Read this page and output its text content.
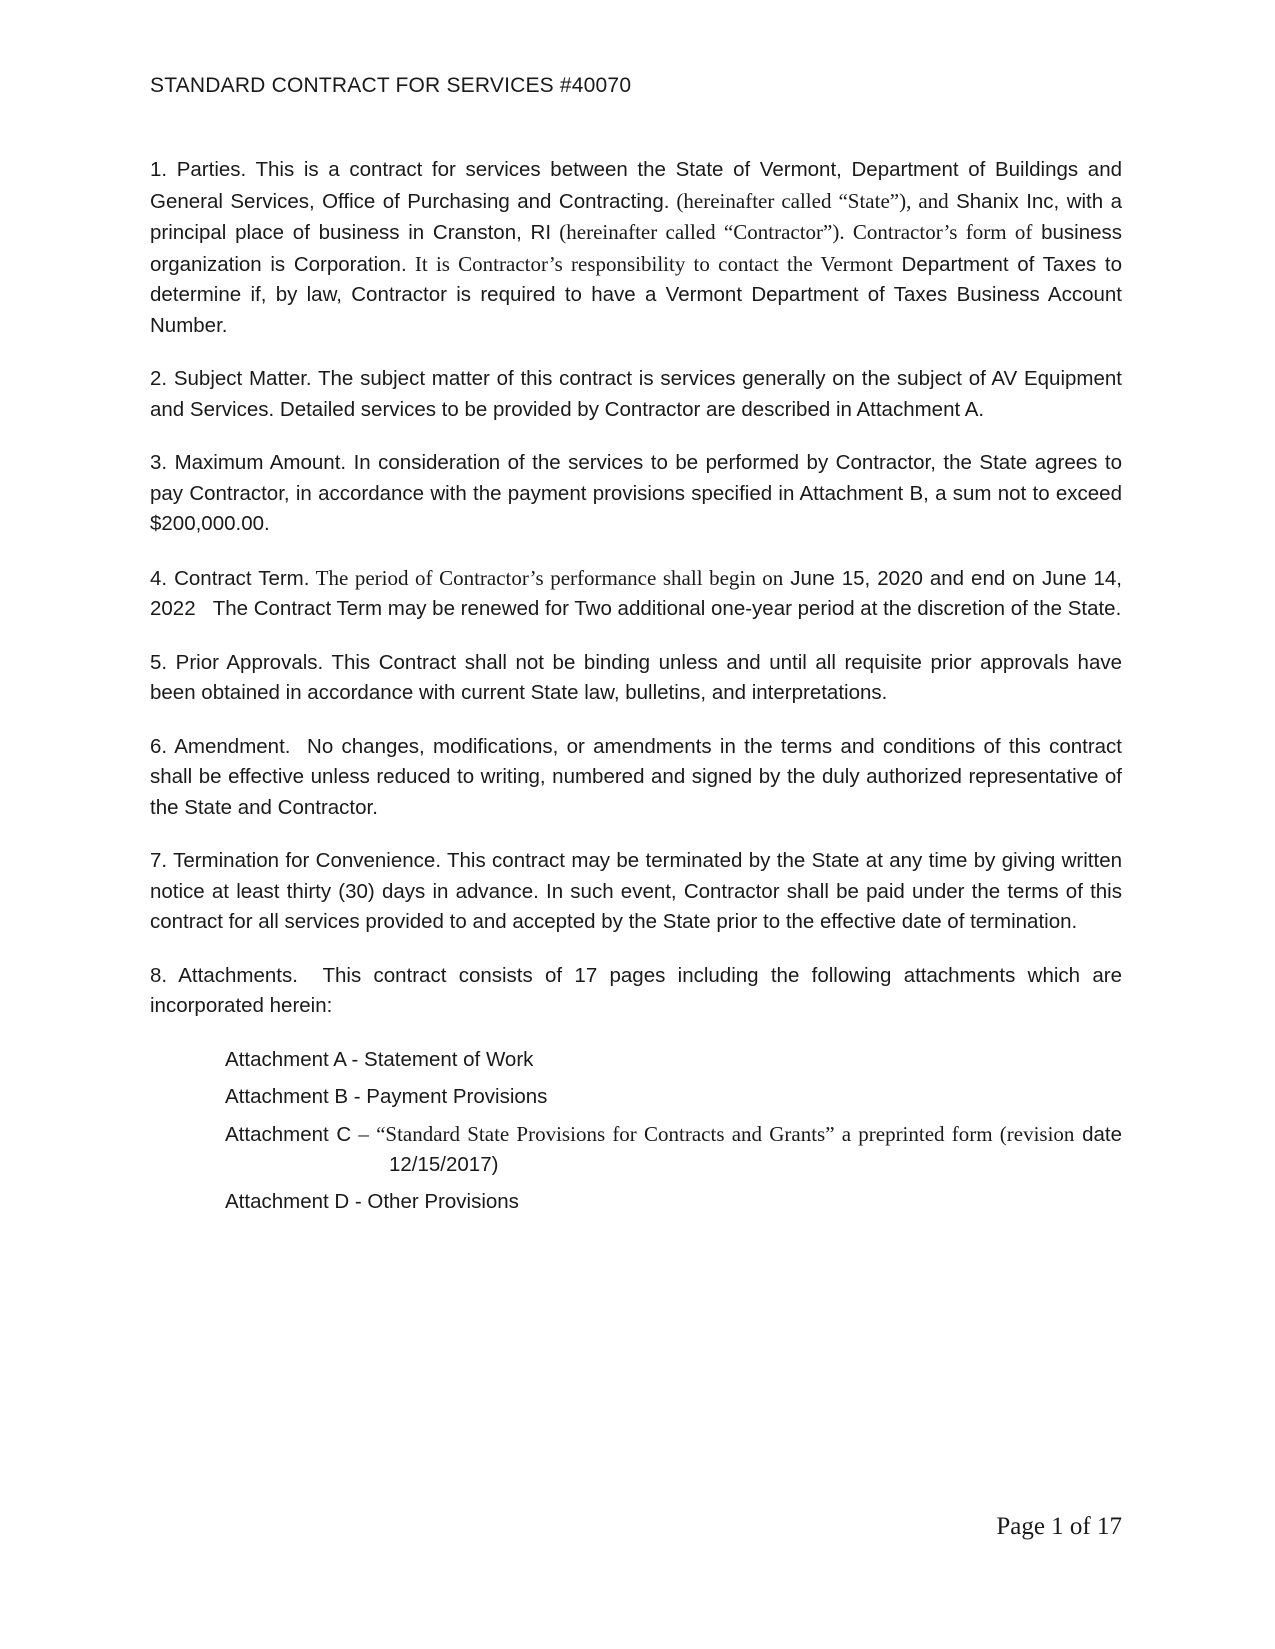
STANDARD CONTRACT FOR SERVICES #40070

1. Parties. This is a contract for services between the State of Vermont, Department of Buildings and General Services, Office of Purchasing and Contracting. (hereinafter called “State”), and Shanix Inc, with a principal place of business in Cranston, RI (hereinafter called “Contractor”). Contractor’s form of business organization is Corporation. It is Contractor’s responsibility to contact the Vermont Department of Taxes to determine if, by law, Contractor is required to have a Vermont Department of Taxes Business Account Number.

2. Subject Matter. The subject matter of this contract is services generally on the subject of AV Equipment and Services. Detailed services to be provided by Contractor are described in Attachment A.

3. Maximum Amount. In consideration of the services to be performed by Contractor, the State agrees to pay Contractor, in accordance with the payment provisions specified in Attachment B, a sum not to exceed $200,000.00.

4. Contract Term. The period of Contractor’s performance shall begin on June 15, 2020 and end on June 14, 2022   The Contract Term may be renewed for Two additional one-year period at the discretion of the State.

5. Prior Approvals. This Contract shall not be binding unless and until all requisite prior approvals have been obtained in accordance with current State law, bulletins, and interpretations.

6. Amendment.  No changes, modifications, or amendments in the terms and conditions of this contract shall be effective unless reduced to writing, numbered and signed by the duly authorized representative of the State and Contractor.

7. Termination for Convenience. This contract may be terminated by the State at any time by giving written notice at least thirty (30) days in advance. In such event, Contractor shall be paid under the terms of this contract for all services provided to and accepted by the State prior to the effective date of termination.

8. Attachments.  This contract consists of 17 pages including the following attachments which are incorporated herein:

Attachment A - Statement of Work
Attachment B - Payment Provisions
Attachment C – “Standard State Provisions for Contracts and Grants” a preprinted form (revision date 12/15/2017)
Attachment D - Other Provisions
Page 1 of 17
